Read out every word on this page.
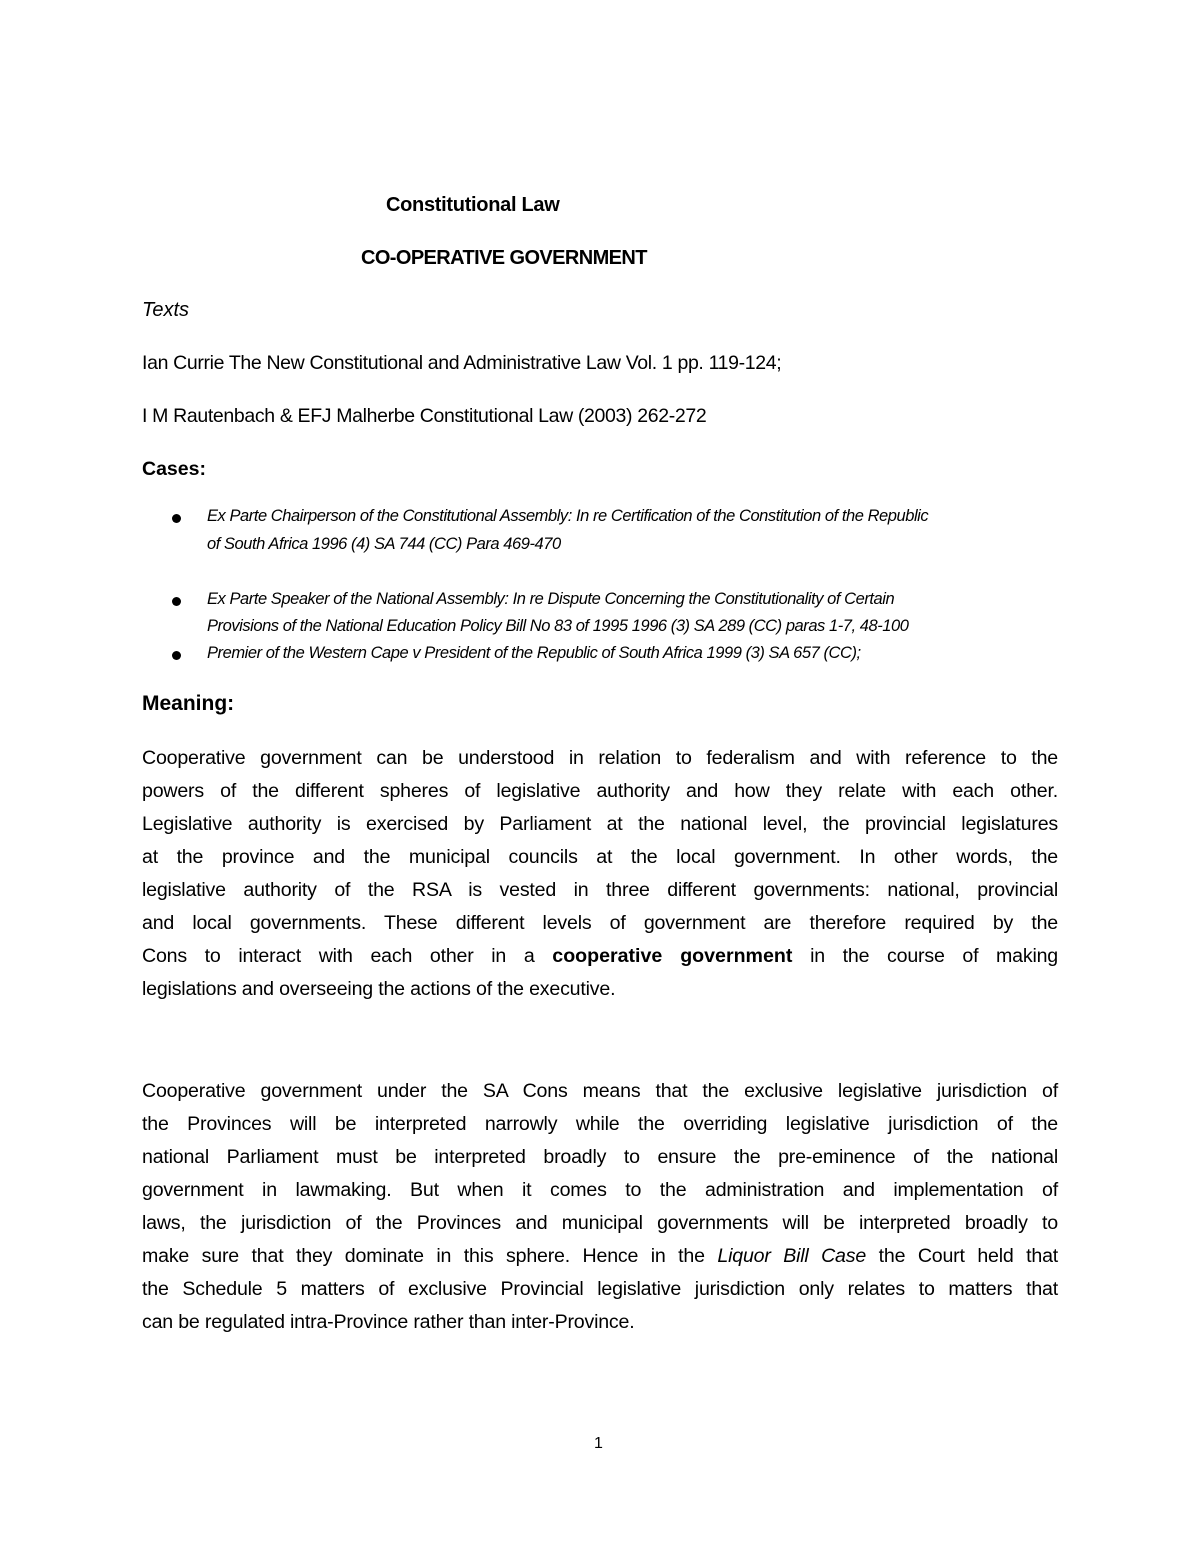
Constitutional Law
CO-OPERATIVE GOVERNMENT
Texts
Ian Currie The New Constitutional and Administrative Law Vol. 1 pp. 119-124;
I M Rautenbach & EFJ Malherbe Constitutional Law (2003) 262-272
Cases:
Ex Parte Chairperson of the Constitutional Assembly: In re Certification of the Constitution of the Republic
of South Africa 1996 (4) SA 744 (CC) Para 469-470
Ex Parte Speaker of the National Assembly: In re Dispute Concerning the Constitutionality of Certain
Provisions of the National Education Policy Bill No 83 of 1995 1996 (3) SA 289 (CC) paras 1-7, 48-100
Premier of the Western Cape v President of the Republic of South Africa 1999 (3) SA 657 (CC);
Meaning:
Cooperative government can be understood in relation to federalism and with reference to the
powers of the different spheres of legislative authority and how they relate with each other.
Legislative authority is exercised by Parliament at the national level, the provincial legislatures
at the province and the municipal councils at the local government. In other words, the
legislative authority of the RSA is vested in three different governments: national, provincial
and local governments. These different levels of government are therefore required by the
Cons to interact with each other in a cooperative government in the course of making
legislations and overseeing the actions of the executive.
Cooperative government under the SA Cons means that the exclusive legislative jurisdiction of
the Provinces will be interpreted narrowly while the overriding legislative jurisdiction of the
national Parliament must be interpreted broadly to ensure the pre-eminence of the national
government in lawmaking. But when it comes to the administration and implementation of
laws, the jurisdiction of the Provinces and municipal governments will be interpreted broadly to
make sure that they dominate in this sphere. Hence in the Liquor Bill Case the Court held that
the Schedule 5 matters of exclusive Provincial legislative jurisdiction only relates to matters that
can be regulated intra-Province rather than inter-Province.
1
